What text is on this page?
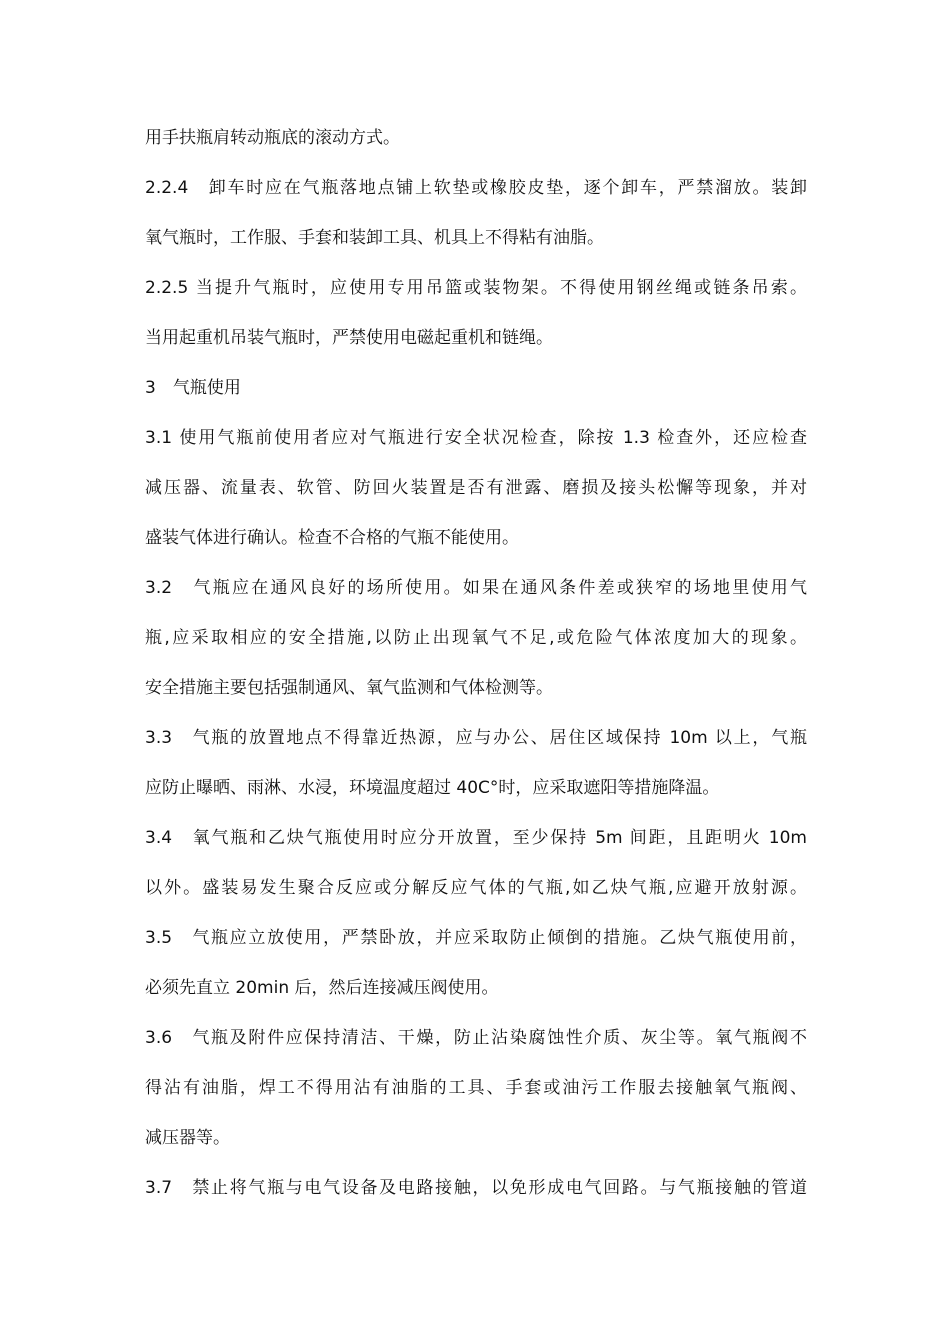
用手扶瓶肩转动瓶底的滚动方式。
2.2.4　卸车时应在气瓶落地点铺上软垫或橡胶皮垫，逐个卸车，严禁溜放。装卸
氧气瓶时，工作服、手套和装卸工具、机具上不得粘有油脂。
2.2.5 当提升气瓶时，应使用专用吊篮或装物架。不得使用钢丝绳或链条吊索。
当用起重机吊装气瓶时，严禁使用电磁起重机和链绳。
3　气瓶使用
3.1 使用气瓶前使用者应对气瓶进行安全状况检查，除按 1.3 检查外，还应检查
减压器、流量表、软管、防回火装置是否有泄露、磨损及接头松懈等现象，并对
盛装气体进行确认。检查不合格的气瓶不能使用。
3.2　气瓶应在通风良好的场所使用。如果在通风条件差或狭窄的场地里使用气
瓶,应采取相应的安全措施,以防止出现氧气不足,或危险气体浓度加大的现象。
安全措施主要包括强制通风、氧气监测和气体检测等。
3.3　气瓶的放置地点不得靠近热源，应与办公、居住区域保持 10m 以上，气瓶
应防止曝晒、雨淋、水浸，环境温度超过 40C°时，应采取遮阳等措施降温。
3.4　氧气瓶和乙炔气瓶使用时应分开放置，至少保持 5m 间距，且距明火 10m
以外。盛装易发生聚合反应或分解反应气体的气瓶,如乙炔气瓶,应避开放射源。
3.5　气瓶应立放使用，严禁卧放，并应采取防止倾倒的措施。乙炔气瓶使用前，
必须先直立 20min 后，然后连接减压阀使用。
3.6　气瓶及附件应保持清洁、干燥，防止沾染腐蚀性介质、灰尘等。氧气瓶阀不
得沾有油脂，焊工不得用沾有油脂的工具、手套或油污工作服去接触氧气瓶阀、
减压器等。
3.7　禁止将气瓶与电气设备及电路接触，以免形成电气回路。与气瓶接触的管道
